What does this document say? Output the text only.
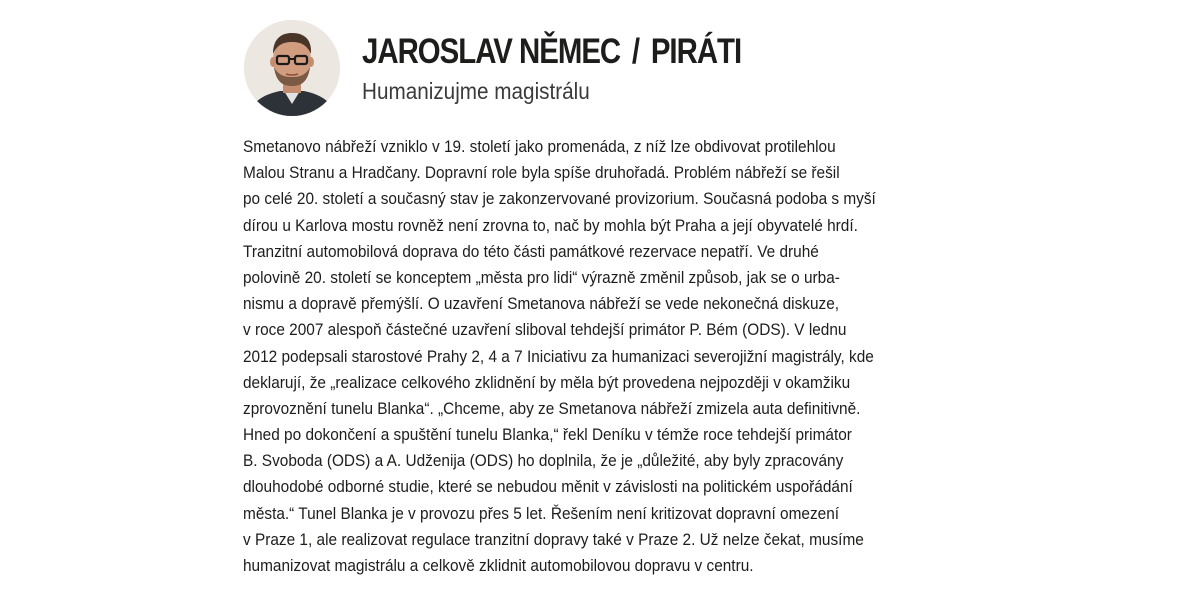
JAROSLAV NĚMEC / PIRÁTI
Humanizujme magistrálu
Smetanovo nábřeží vzniklo v 19. století jako promenáda, z níž lze obdivovat protilehlou
Malou Stranu a Hradčany. Dopravní role byla spíše druhořadá. Problém nábřeží se řešil
po celé 20. století a současný stav je zakonzervované provizorium. Současná podoba s myší
dírou u Karlova mostu rovněž není zrovna to, nač by mohla být Praha a její obyvatelé hrdí.
Tranzitní automobilová doprava do této části památkové rezervace nepatří. Ve druhé
polovině 20. století se konceptem „města pro lidi“ výrazně změnil způsob, jak se o urba-
nismu a dopravě přemýšlí. O uzavření Smetanova nábřeží se vede nekonečná diskuze,
v roce 2007 alespoň částečné uzavření sliboval tehdejší primátor P. Bém (ODS). V lednu
2012 podepsali starostové Prahy 2, 4 a 7 Iniciativu za humanizaci severojižní magistrály, kde
deklarují, že „realizace celkového zklidnění by měla být provedena nejpozději v okamžiku
zprovoznění tunelu Blanka“. „Chceme, aby ze Smetanova nábřeží zmizela auta definitivně.
Hned po dokončení a spuštění tunelu Blanka,“ řekl Deníku v témže roce tehdejší primátor
B. Svoboda (ODS) a A. Udženija (ODS) ho doplnila, že je „důležité, aby byly zpracovány
dlouhodobé odborné studie, které se nebudou měnit v závislosti na politickém uspořádání
města.“ Tunel Blanka je v provozu přes 5 let. Řešením není kritizovat dopravní omezení
v Praze 1, ale realizovat regulace tranzitní dopravy také v Praze 2. Už nelze čekat, musíme
humanizovat magistrálu a celkově zklidnit automobilovou dopravu v centru.
